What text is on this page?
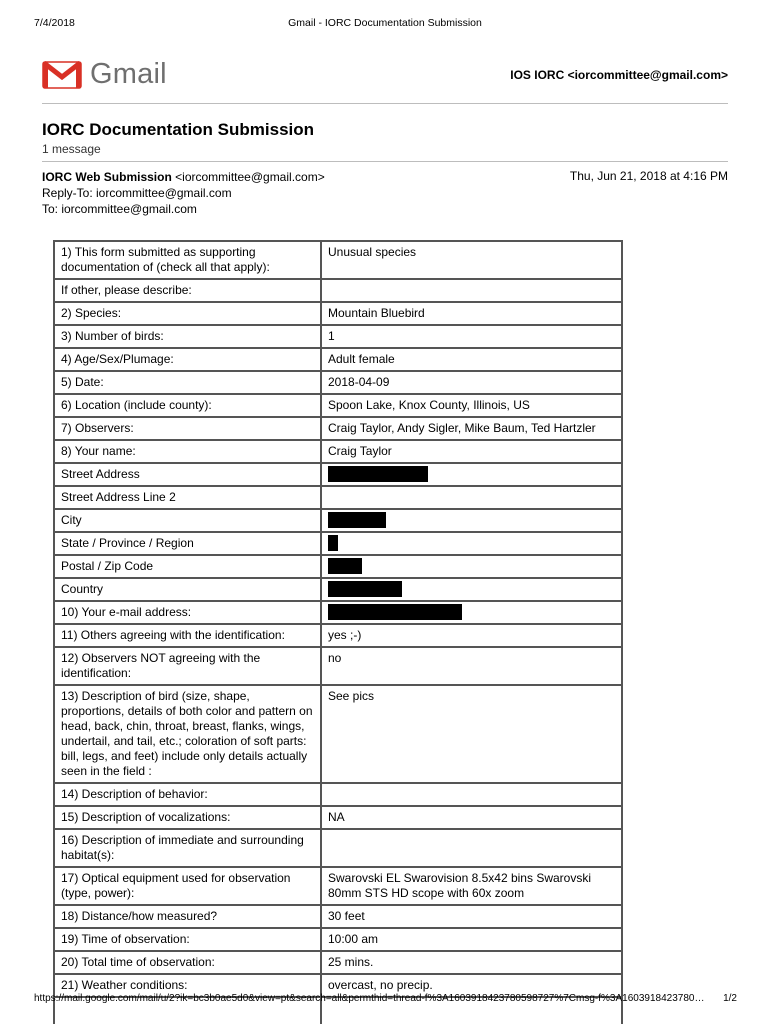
7/4/2018	Gmail - IORC Documentation Submission
Gmail	IOS IORC <iorcommittee@gmail.com>
IORC Documentation Submission
1 message
IORC Web Submission <iorcommittee@gmail.com>
Reply-To: iorcommittee@gmail.com
To: iorcommittee@gmail.com
Thu, Jun 21, 2018 at 4:16 PM
1) This form submitted as supporting documentation of (check all that apply):	Unusual species
If other, please describe:	
2) Species:	Mountain Bluebird
3) Number of birds:	1
4) Age/Sex/Plumage:	Adult female
5) Date:	2018-04-09
6) Location (include county):	Spoon Lake, Knox County, Illinois, US
7) Observers:	Craig Taylor, Andy Sigler, Mike Baum, Ted Hartzler
8) Your name:	Craig Taylor
Street Address	
Street Address Line 2	
City	
State / Province / Region	
Postal / Zip Code	
Country	
10) Your e-mail address:	
11) Others agreeing with the identification:	yes ;-)
12) Observers NOT agreeing with the identification:	no
13) Description of bird (size, shape, proportions, details of both color and pattern on head, back, chin, throat, breast, flanks, wings, undertail, and tail, etc.; coloration of soft parts: bill, legs, and feet) include only details actually seen in the field :	See pics
14) Description of behavior:	
15) Description of vocalizations:	NA
16) Description of immediate and surrounding habitat(s):	
17) Optical equipment used for observation (type, power):	Swarovski EL Swarovision 8.5x42 bins Swarovski 80mm STS HD scope with 60x zoom
18) Distance/how measured?	30 feet
19) Time of observation:	10:00 am
20) Total time of observation:	25 mins.
21) Weather conditions:	overcast, no precip.

https://mail.google.com/mail/u/2?ik=bc3b0ae5d0&view=pt&search=all&permthid=thread-f%3A1603918423780598727%7Cmsg-f%3A1603918423780…	1/2
